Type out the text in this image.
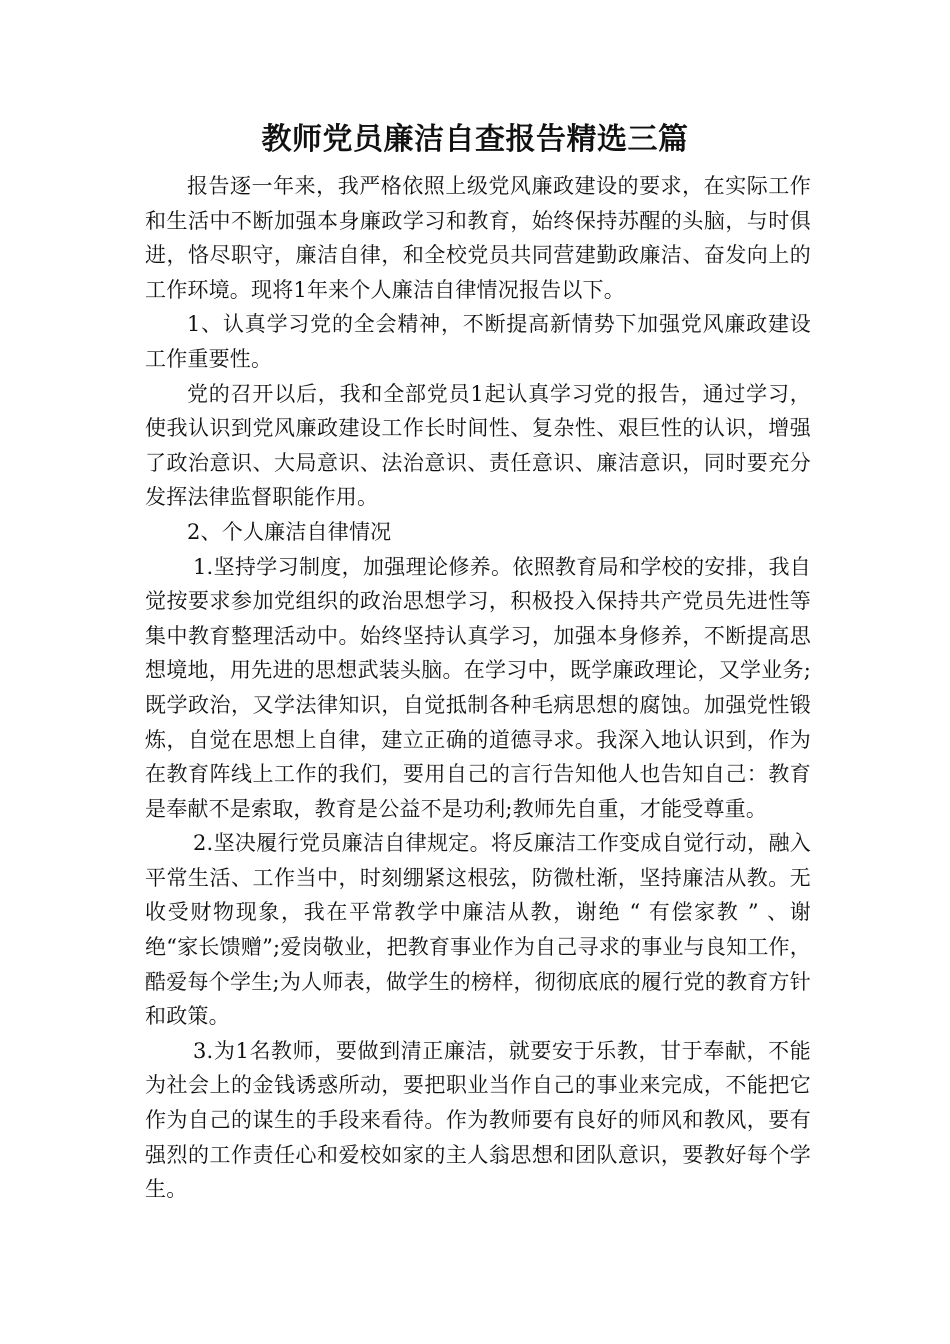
教师党员廉洁自查报告精选三篇

报告逐一年来，我严格依照上级党风廉政建设的要求，在实际工作和生活中不断加强本身廉政学习和教育，始终保持苏醒的头脑，与时俱进，恪尽职守，廉洁自律，和全校党员共同营建勤政廉洁、奋发向上的工作环境。现将1年来个人廉洁自律情况报告以下。

1、认真学习党的全会精神，不断提高新情势下加强党风廉政建设工作重要性。

党的召开以后，我和全部党员1起认真学习党的报告，通过学习，使我认识到党风廉政建设工作长时间性、复杂性、艰巨性的认识，增强了政治意识、大局意识、法治意识、责任意识、廉洁意识，同时要充分发挥法律监督职能作用。

2、个人廉洁自律情况

1.坚持学习制度，加强理论修养。依照教育局和学校的安排，我自觉按要求参加党组织的政治思想学习，积极投入保持共产党员先进性等集中教育整理活动中。始终坚持认真学习，加强本身修养，不断提高思想境地，用先进的思想武装头脑。在学习中，既学廉政理论，又学业务;既学政治，又学法律知识，自觉抵制各种毛病思想的腐蚀。加强党性锻炼，自觉在思想上自律，建立正确的道德寻求。我深入地认识到，作为在教育阵线上工作的我们，要用自己的言行告知他人也告知自己：教育是奉献不是索取，教育是公益不是功利;教师先自重，才能受尊重。

2.坚决履行党员廉洁自律规定。将反廉洁工作变成自觉行动，融入平常生活、工作当中，时刻绷紧这根弦，防微杜渐，坚持廉洁从教。无收受财物现象，我在平常教学中廉洁从教，谢绝 “ 有偿家教 ” 、谢绝“家长馈赠”;爱岗敬业，把教育事业作为自己寻求的事业与良知工作，酷爱每个学生;为人师表，做学生的榜样，彻彻底底的履行党的教育方针和政策。

3.为1名教师，要做到清正廉洁，就要安于乐教，甘于奉献，不能为社会上的金钱诱惑所动，要把职业当作自己的事业来完成，不能把它作为自己的谋生的手段来看待。作为教师要有良好的师风和教风，要有强烈的工作责任心和爱校如家的主人翁思想和团队意识，要教好每个学 生。
